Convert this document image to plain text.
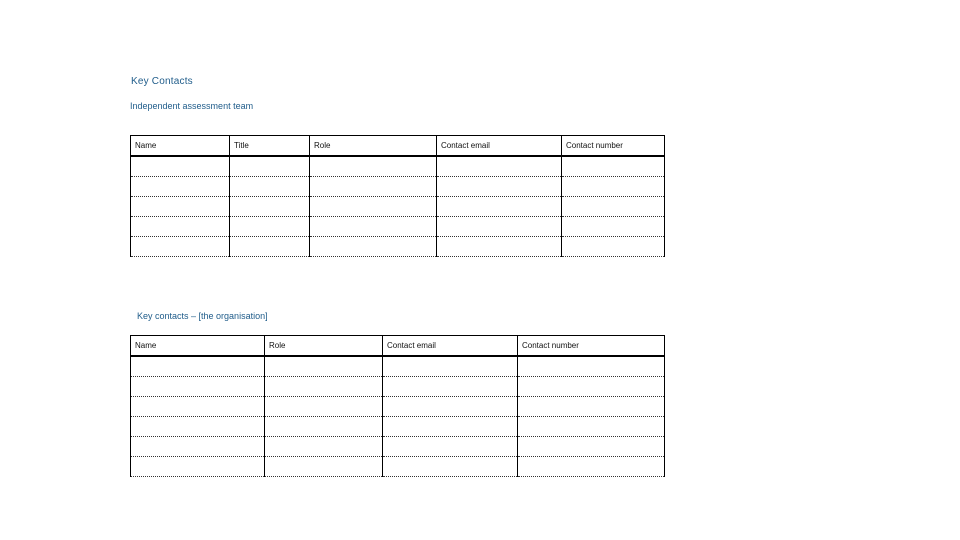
Key Contacts
Independent assessment team
Name	Title	Role	Contact email	Contact number

Key contacts – [the organisation]
Name	Role	Contact email	Contact number
